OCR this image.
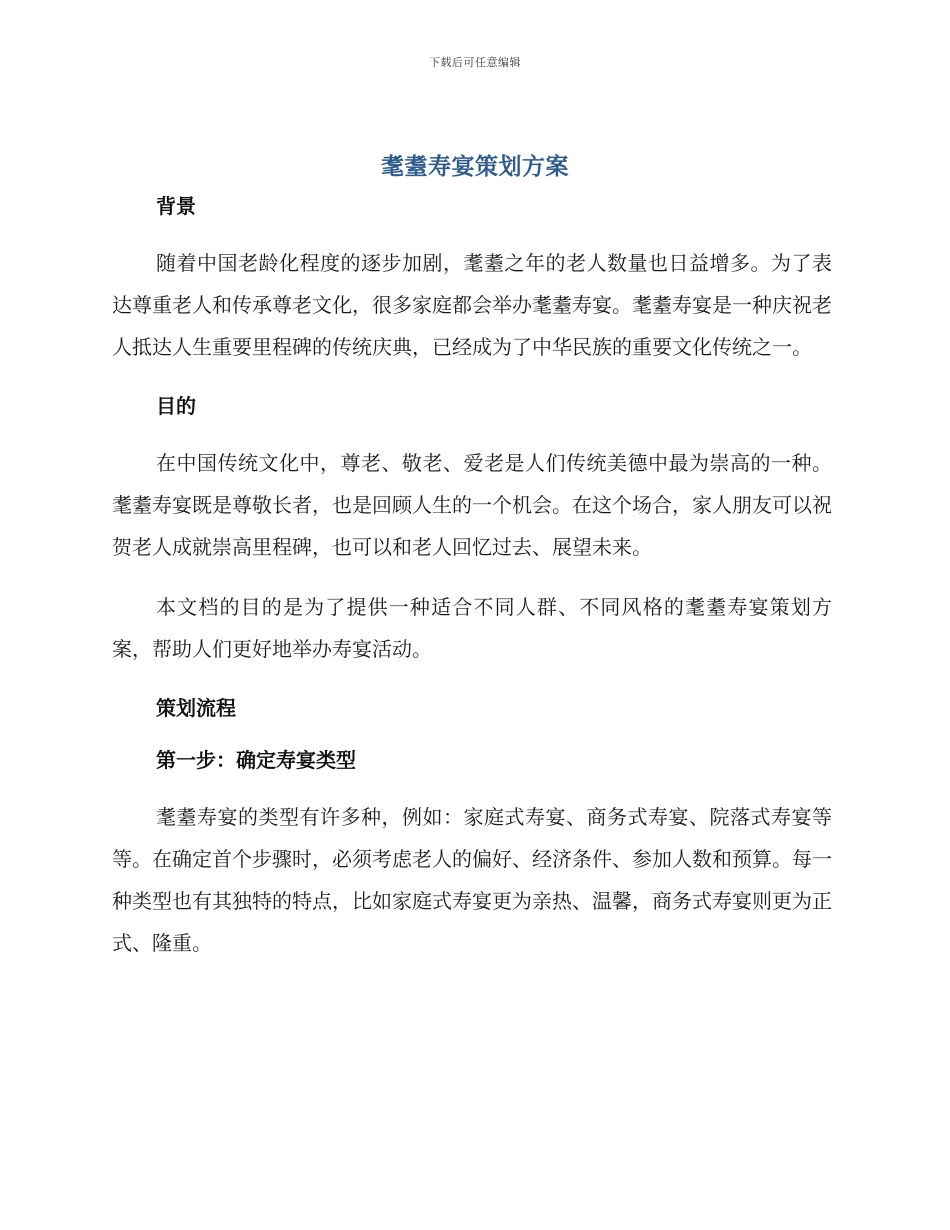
下载后可任意编辑
耄耋寿宴策划方案

背景

随着中国老龄化程度的逐步加剧，耄耋之年的老人数量也日益增多。为了表达尊重老人和传承尊老文化，很多家庭都会举办耄耋寿宴。耄耋寿宴是一种庆祝老人抵达人生重要里程碑的传统庆典，已经成为了中华民族的重要文化传统之一。

目的

在中国传统文化中，尊老、敬老、爱老是人们传统美德中最为崇高的一种。耄耋寿宴既是尊敬长者，也是回顾人生的一个机会。在这个场合，家人朋友可以祝贺老人成就崇高里程碑，也可以和老人回忆过去、展望未来。

本文档的目的是为了提供一种适合不同人群、不同风格的耄耋寿宴策划方案，帮助人们更好地举办寿宴活动。

策划流程

第一步：确定寿宴类型

耄耋寿宴的类型有许多种，例如：家庭式寿宴、商务式寿宴、院落式寿宴等等。在确定首个步骤时，必须考虑老人的偏好、经济条件、参加人数和预算。每一种类型也有其独特的特点，比如家庭式寿宴更为亲热、温馨，商务式寿宴则更为正式、隆重。
